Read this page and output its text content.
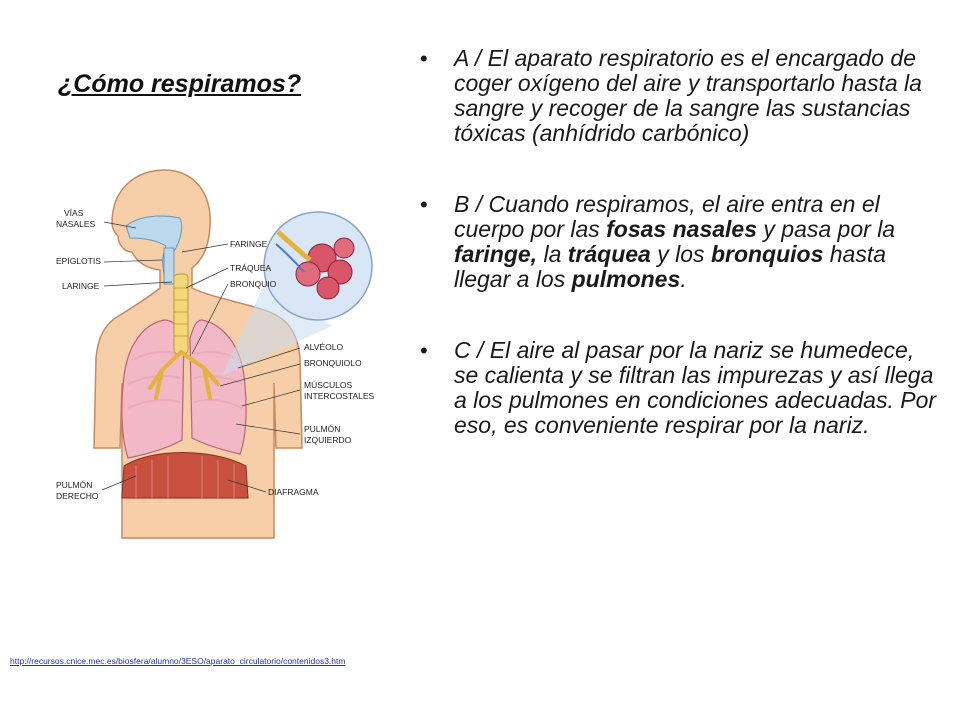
¿Cómo respiramos?
VÍAS
NASALES
EPIGLOTIS
LARINGE
FARINGE
TRÁQUEA
BRONQUIO
ALVÉOLO
BRONQUIOLO
MÚSCULOS
INTERCOSTALES
PULMÓN
IZQUIERDO
PULMÓN
DERECHO	DIAFRAGMA
• A / El aparato respiratorio es el encargado de coger oxígeno del aire y transportarlo hasta la sangre y recoger de la sangre las sustancias tóxicas (anhídrido carbónico)
• B / Cuando respiramos, el aire entra en el cuerpo por las fosas nasales y pasa por la faringe, la tráquea y los bronquios hasta llegar a los pulmones.
• C / El aire al pasar por la nariz se humedece, se calienta y se filtran las impurezas y así llega a los pulmones en condiciones adecuadas. Por eso, es conveniente respirar por la nariz.
http://recursos.cnice.mec.es/biosfera/alumno/3ESO/aparato_circulatorio/contenidos3.htm
